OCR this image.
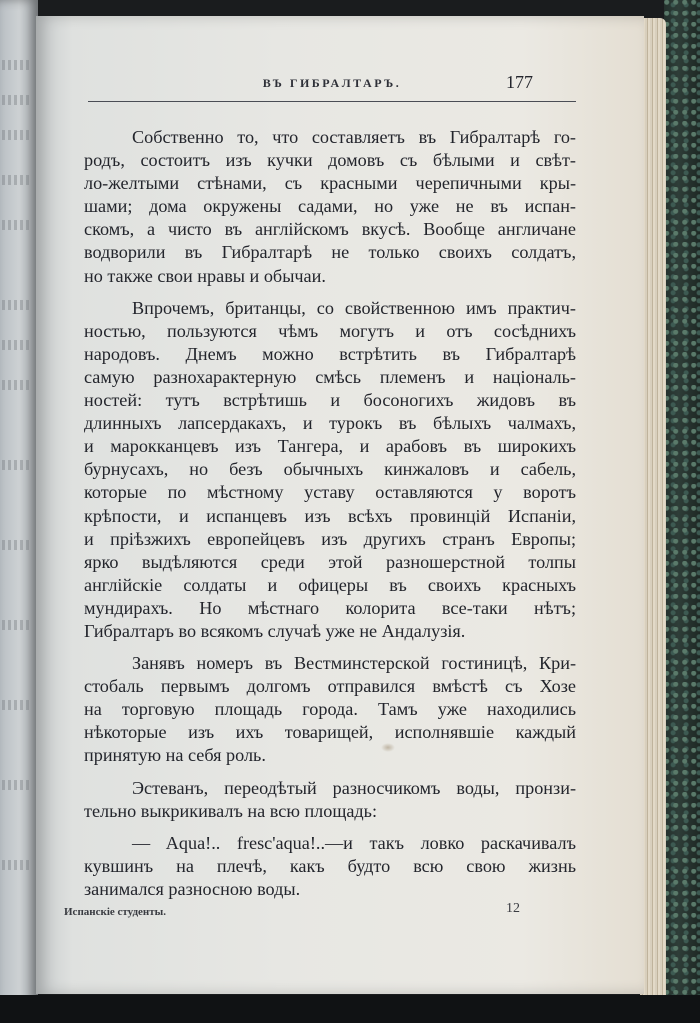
ВЪ ГИБРАЛТАРЪ.	177
Собственно то, что составляетъ въ Гибралтарѣ го-
родъ, состоитъ изъ кучки домовъ съ бѣлыми и свѣт-
ло-желтыми стѣнами, съ красными черепичными кры-
шами; дома окружены садами, но уже не въ испан-
скомъ, а чисто въ англійскомъ вкусѣ. Вообще англичане
водворили въ Гибралтарѣ не только своихъ солдатъ,
но также свои нравы и обычаи.
Впрочемъ, британцы, со свойственною имъ практич-
ностью, пользуются чѣмъ могутъ и отъ сосѣднихъ
народовъ. Днемъ можно встрѣтить въ Гибралтарѣ
самую разнохарактерную смѣсь племенъ и національ-
ностей: тутъ встрѣтишь и босоногихъ жидовъ въ
длинныхъ лапсердакахъ, и турокъ въ бѣлыхъ чалмахъ,
и марокканцевъ изъ Тангера, и арабовъ въ широкихъ
бурнусахъ, но безъ обычныхъ кинжаловъ и сабель,
которые по мѣстному уставу оставляются у воротъ
крѣпости, и испанцевъ изъ всѣхъ провинцій Испаніи,
и пріѣзжихъ европейцевъ изъ другихъ странъ Европы;
ярко выдѣляются среди этой разношерстной толпы
англійскіе солдаты и офицеры въ своихъ красныхъ
мундирахъ. Но мѣстнаго колорита все-таки нѣтъ;
Гибралтаръ во всякомъ случаѣ уже не Андалузія.
Занявъ номеръ въ Вестминстерской гостиницѣ, Кри-
стобаль первымъ долгомъ отправился вмѣстѣ съ Хозе
на торговую площадь города. Тамъ уже находились
нѣкоторые изъ ихъ товарищей, исполнявшіе каждый
принятую на себя роль.
Эстеванъ, переодѣтый разносчикомъ воды, пронзи-
тельно выкрикивалъ на всю площадь:
— Aqua!.. fresc'aqua!..—и такъ ловко раскачивалъ
кувшинъ на плечѣ, какъ будто всю свою жизнь
занимался разносною воды.
Испанскіе студенты.	12
